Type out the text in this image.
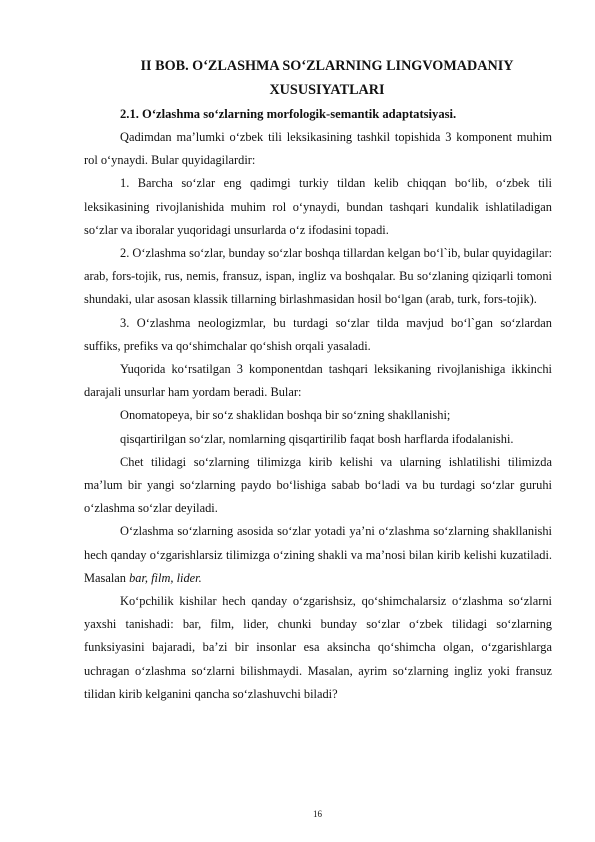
II BOB. O‘ZLASHMA SO‘ZLARNING LINGVOMADANIY XUSUSIYATLARI
2.1. O‘zlashma so‘zlarning morfologik-semantik adaptatsiyasi.

Qadimdan ma’lumki o‘zbek tili leksikasining tashkil topishida 3 komponent muhim rol o‘ynaydi. Bular quyidagilardir:

1. Barcha so‘zlar eng qadimgi turkiy tildan kelib chiqqan bo‘lib, o‘zbek tili leksikasining rivojlanishida muhim rol o‘ynaydi, bundan tashqari kundalik ishlatiladigan so‘zlar va iboralar yuqoridagi unsurlarda o‘z ifodasini topadi.

2. O‘zlashma so‘zlar, bunday so‘zlar boshqa tillardan kelgan bo‘l`ib, bular quyidagilar: arab, fors-tojik, rus, nemis, fransuz, ispan, ingliz va boshqalar. Bu so‘zlaning qiziqarli tomoni shundaki, ular asosan klassik tillarning birlashmasidan hosil bo‘lgan (arab, turk, fors-tojik).

3. O‘zlashma neologizmlar, bu turdagi so‘zlar tilda mavjud bo‘l`gan so‘zlardan suffiks, prefiks va qo‘shimchalar qo‘shish orqali yasaladi.

Yuqorida ko‘rsatilgan 3 komponentdan tashqari leksikaning rivojlanishiga ikkinchi darajali unsurlar ham yordam beradi. Bular:

Onomatopeya, bir so‘z shaklidan boshqa bir so‘zning shakllanishi;

qisqartirilgan so‘zlar, nomlarning qisqartirilib faqat bosh harflarda ifodalanishi.

Chet tilidagi so‘zlarning tilimizga kirib kelishi va ularning ishlatilishi tilimizda ma’lum bir yangi so‘zlarning paydo bo‘lishiga sabab bo‘ladi va bu turdagi so‘zlar guruhi o‘zlashma so‘zlar deyiladi.

O‘zlashma so‘zlarning asosida so‘zlar yotadi ya’ni o‘zlashma so‘zlarning shakllanishi hech qanday o‘zgarishlarsiz tilimizga o‘zining shakli va ma’nosi bilan kirib kelishi kuzatiladi. Masalan bar, film, lider.

Ko‘pchilik kishilar hech qanday o‘zgarishsiz, qo‘shimchalarsiz o‘zlashma so‘zlarni yaxshi tanishadi: bar, film, lider, chunki bunday so‘zlar o‘zbek tilidagi so‘zlarning funksiyasini bajaradi, ba’zi bir insonlar esa aksincha qo‘shimcha olgan, o‘zgarishlarga uchragan o‘zlashma so‘zlarni bilishmaydi. Masalan, ayrim so‘zlarning ingliz yoki fransuz tilidan kirib kelganini qancha so‘zlashuvchi biladi?

16
